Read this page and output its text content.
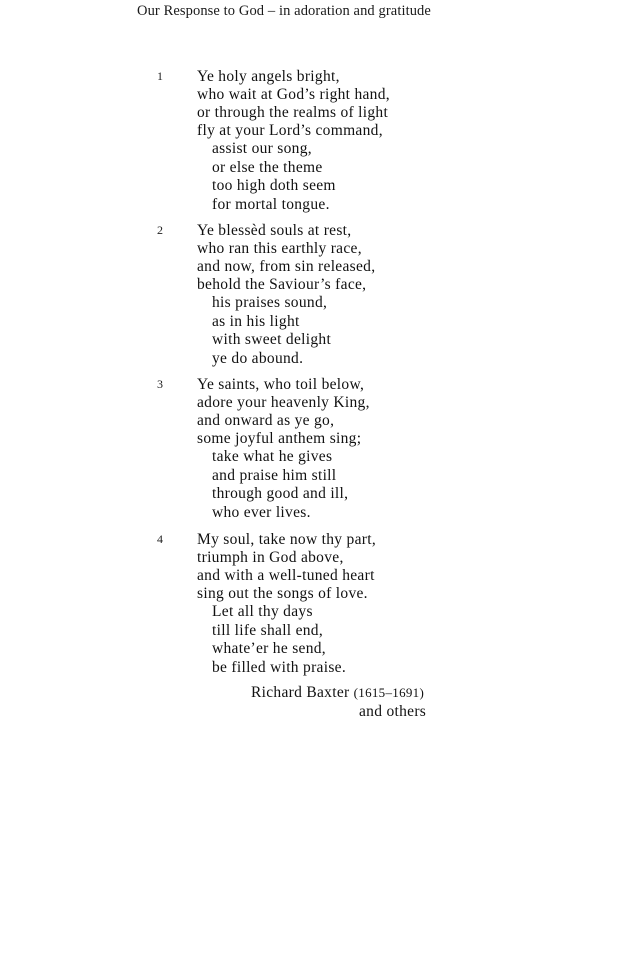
Our Response to God – in adoration and gratitude
1 Ye holy angels bright,
who wait at God’s right hand,
or through the realms of light
fly at your Lord’s command,
assist our song,
or else the theme
too high doth seem
for mortal tongue.
2 Ye blessèd souls at rest,
who ran this earthly race,
and now, from sin released,
behold the Saviour’s face,
his praises sound,
as in his light
with sweet delight
ye do abound.
3 Ye saints, who toil below,
adore your heavenly King,
and onward as ye go,
some joyful anthem sing;
take what he gives
and praise him still
through good and ill,
who ever lives.
4 My soul, take now thy part,
triumph in God above,
and with a well-tuned heart
sing out the songs of love.
Let all thy days
till life shall end,
whate’er he send,
be filled with praise.
Richard Baxter (1615–1691)
and others
